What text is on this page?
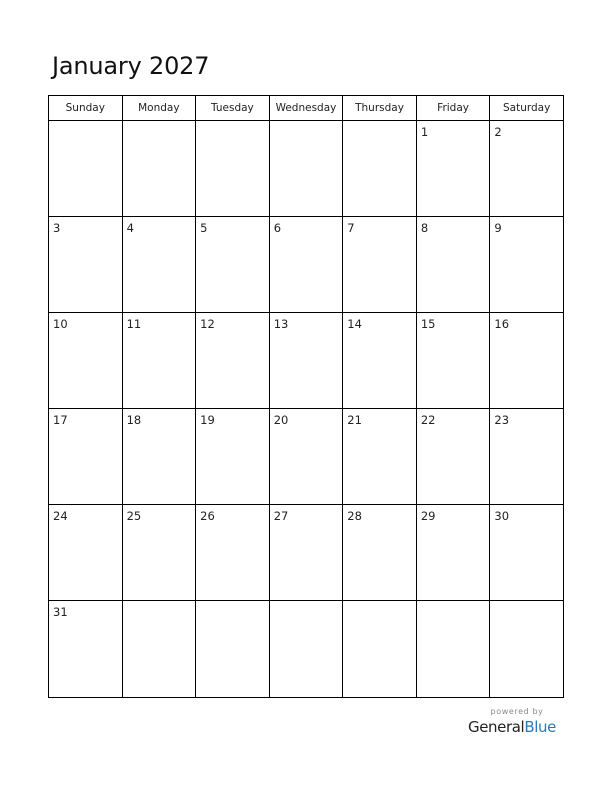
January 2027
Sunday	Monday	Tuesday	Wednesday	Thursday	Friday	Saturday

					1	2

3	4	5	6	7	8	9

10	11	12	13	14	15	16

17	18	19	20	21	22	23

24	25	26	27	28	29	30

31						

powered by
GeneralBlue
